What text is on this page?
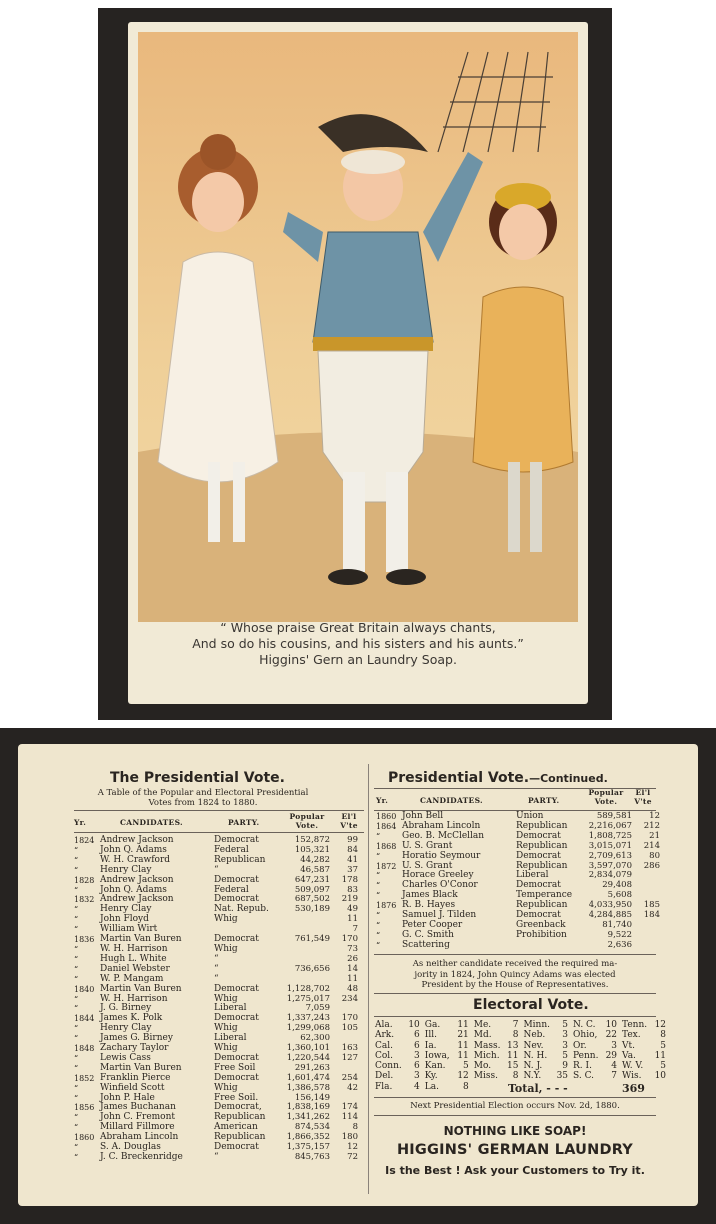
“ Whose praise Great Britain always chants,
And so do his cousins, and his sisters and his aunts.”
Higgins' Gern an Laundry Soap.
The Presidential Vote.
A Table of the Popular and Electoral Presidential
Votes from 1824 to 1880.
Yr.	CANDIDATES.	PARTY.
Popular Vote.
El'l V'te
1824	Andrew Jackson	Democrat	152,872	99
“	John Q. Adams	Federal	105,321	84
“	W. H. Crawford	Republican	44,282	41
“	Henry Clay	“	46,587	37
1828	Andrew Jackson	Democrat	647,231	178
“	John Q. Adams	Federal	509,097	83
1832	Andrew Jackson	Democrat	687,502	219
“	Henry Clay	Nat. Repub.	530,189	49
“	John Floyd	Whig		11
“	William Wirt			7
1836	Martin Van Buren	Democrat	761,549	170
“	W. H. Harrison	Whig		73
“	Hugh L. White	“		26
“	Daniel Webster	“	736,656	14
“	W. P. Mangam	“		11
1840	Martin Van Buren	Democrat	1,128,702	48
“	W. H. Harrison	Whig	1,275,017	234
“	J. G. Birney	Liberal	7,059	
1844	James K. Polk	Democrat	1,337,243	170
“	Henry Clay	Whig	1,299,068	105
“	James G. Birney	Liberal	62,300	
1848	Zachary Taylor	Whig	1,360,101	163
“	Lewis Cass	Democrat	1,220,544	127
“	Martin Van Buren	Free Soil	291,263	
1852	Franklin Pierce	Democrat	1,601,474	254
“	Winfield Scott	Whig	1,386,578	42
“	John P. Hale	Free Soil.	156,149	
1856	James Buchanan	Democrat,	1,838,169	174
“	John C. Fremont	Republican	1,341,262	114
“	Millard Fillmore	American	874,534	8
1860	Abraham Lincoln	Republican	1,866,352	180
“	S. A. Douglas	Democrat	1,375,157	12
“	J. C. Breckenridge	“	845,763	72
Presidential Vote.—Continued.
Yr.	CANDIDATES.	PARTY.
Popular Vote.
El'l V'te
1860	John Bell	Union	589,581	12
1864	Abraham Lincoln	Republican	2,216,067	212
“	Geo. B. McClellan	Democrat	1,808,725	21
1868	U. S. Grant	Republican	3,015,071	214
“	Horatio Seymour	Democrat	2,709,613	80
1872	U. S. Grant	Republican	3,597,070	286
“	Horace Greeley	Liberal	2,834,079	
“	Charles O'Conor	Democrat	29,408	
“	James Black	Temperance	5,608	
1876	R. B. Hayes	Republican	4,033,950	185
“	Samuel J. Tilden	Democrat	4,284,885	184
“	Peter Cooper	Greenback	81,740	
“	G. C. Smith	Prohibition	9,522	
“	Scattering		2,636	
As neither candidate received the required ma-
jority in 1824, John Quincy Adams was elected
President by the House of Representatives.
Electoral Vote.
Ala.	10	Ga.	11	Me.	7	Minn.	5	N. C.	10	Tenn.	12
Ark.	6	Ill.	21	Md.	8	Neb.	3	Ohio,	22	Tex.	8
Cal.	6	Ia.	11	Mass.	13	Nev.	3	Or.	3	Vt.	5
Col.	3	Iowa,	11	Mich.	11	N. H.	5	Penn.	29	Va.	11
Conn.	6	Kan.	5	Mo.	15	N. J.	9	R. I.	4	W. V.	5
Del.	3	Ky.	12	Miss.	8	N.Y.	35	S. C.	7	Wis.	10
Fla.	4	La.	8									Total, - - -	369
Next Presidential Election occurs Nov. 2d, 1880.
NOTHING LIKE SOAP!
HIGGINS' GERMAN LAUNDRY
Is the Best ! Ask your Customers to Try it.
